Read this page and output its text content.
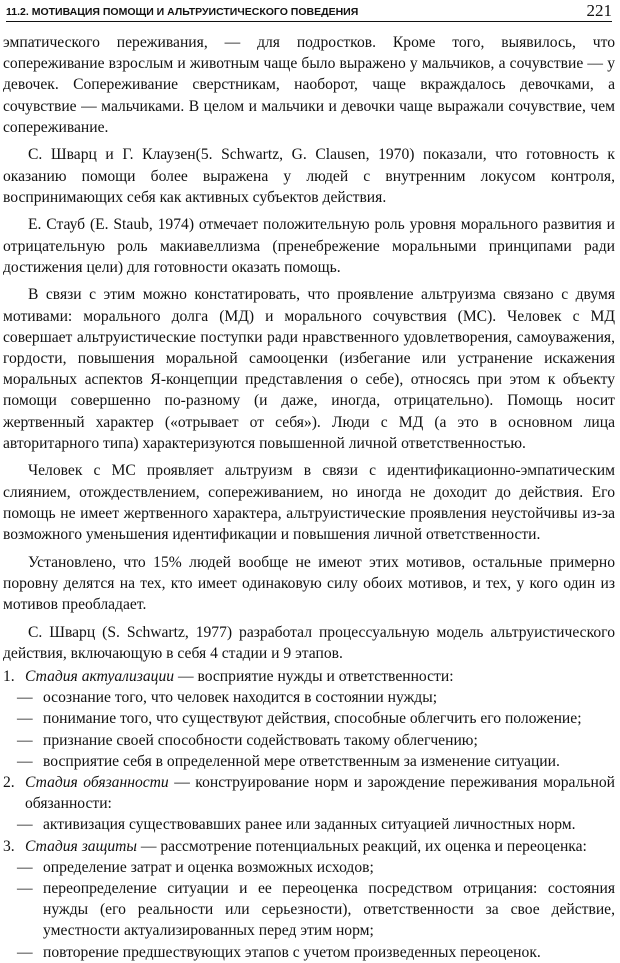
11.2. МОТИВАЦИЯ ПОМОЩИ И АЛЬТРУИСТИЧЕСКОГО ПОВЕДЕНИЯ	221

эмпатического переживания, — для подростков. Кроме того, выявилось, что сопереживание взрослым и животным чаще было выражено у мальчиков, а сочувствие — у девочек. Сопереживание сверстникам, наоборот, чаще вкраждалось девочками, а сочувствие — мальчиками. В целом и мальчики и девочки чаще выражали сочувствие, чем сопереживание.

С. Шварц и Г. Клаузен(5. Schwartz, G. Clausen, 1970) показали, что готовность к оказанию помощи более выражена у людей с внутренним локусом контроля, воспринимающих себя как активных субъектов действия.

Е. Стауб (Е. Staub, 1974) отмечает положительную роль уровня морального развития и отрицательную роль макиавеллизма (пренебрежение моральными принципами ради достижения цели) для готовности оказать помощь.

В связи с этим можно констатировать, что проявление альтруизма связано с двумя мотивами: морального долга (МД) и морального сочувствия (МС). Человек с МД совершает альтруистические поступки ради нравственного удовлетворения, самоуважения, гордости, повышения моральной самооценки (избегание или устранение искажения моральных аспектов Я-концепции представления о себе), относясь при этом к объекту помощи совершенно по-разному (и даже, иногда, отрицательно). Помощь носит жертвенный характер («отрывает от себя»). Люди с МД (а это в основном лица авторитарного типа) характеризуются повышенной личной ответственностью.

Человек с МС проявляет альтруизм в связи с идентификационно-эмпатическим слиянием, отождествлением, сопереживанием, но иногда не доходит до действия. Его помощь не имеет жертвенного характера, альтруистические проявления неустойчивы из-за возможного уменьшения идентификации и повышения личной ответственности.

Установлено, что 15% людей вообще не имеют этих мотивов, остальные примерно поровну делятся на тех, кто имеет одинаковую силу обоих мотивов, и тех, у кого один из мотивов преобладает.

С. Шварц (S. Schwartz, 1977) разработал процессуальную модель альтруистического действия, включающую в себя 4 стадии и 9 этапов.

1. Стадия актуализации — восприятие нужды и ответственности:
— осознание того, что человек находится в состоянии нужды;
— понимание того, что существуют действия, способные облегчить его положение;
— признание своей способности содействовать такому облегчению;
— восприятие себя в определенной мере ответственным за изменение ситуации.
2. Стадия обязанности — конструирование норм и зарождение переживания моральной обязанности:
— активизация существовавших ранее или заданных ситуацией личностных норм.
3. Стадия защиты — рассмотрение потенциальных реакций, их оценка и переоценка:
— определение затрат и оценка возможных исходов;
— переопределение ситуации и ее переоценка посредством отрицания: состояния нужды (его реальности или серьезности), ответственности за свое действие, уместности актуализированных перед этим норм;
— повторение предшествующих этапов с учетом произведенных переоценок.
